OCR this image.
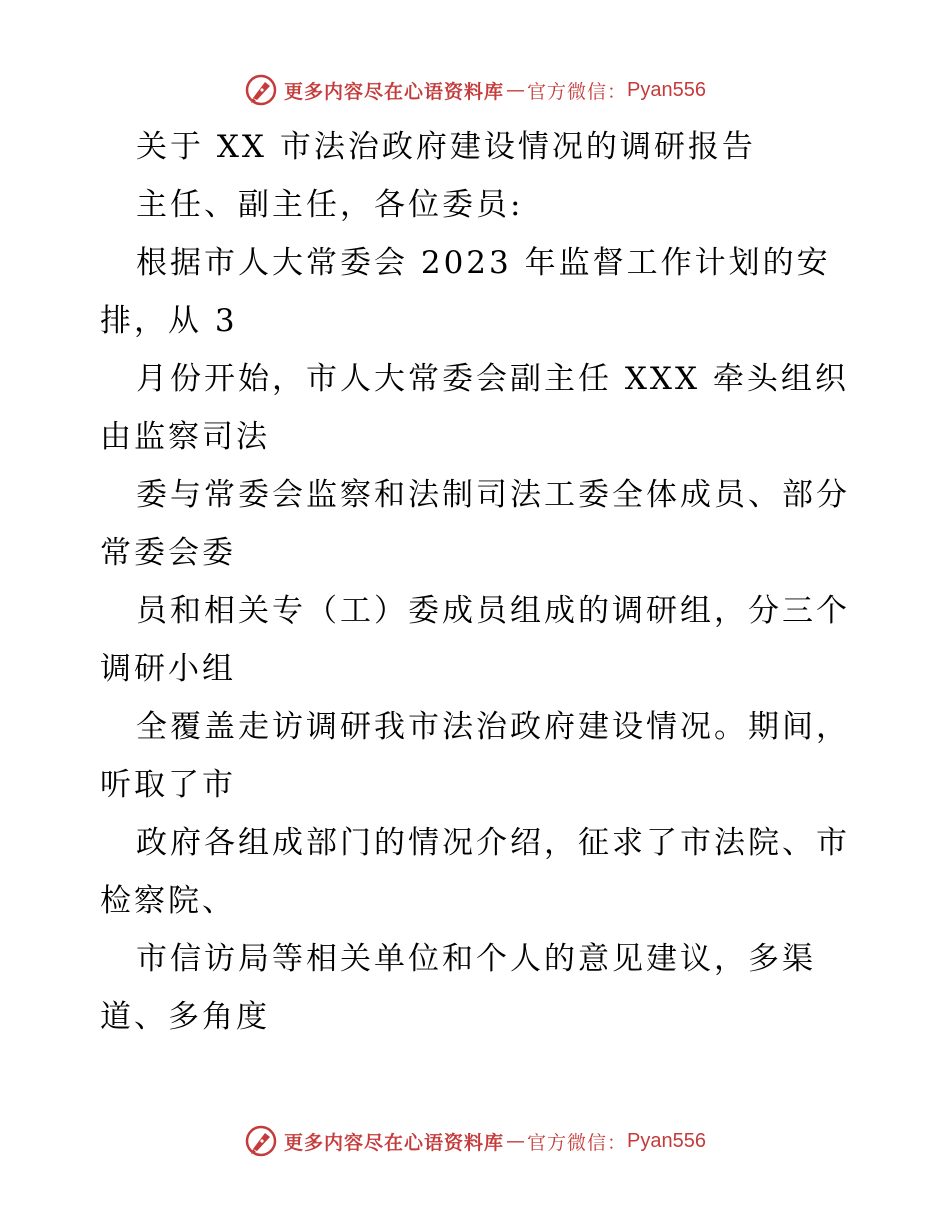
更多内容尽在心语资料库 — 官方微信： Pyan556
关于 XX 市法治政府建设情况的调研报告
主任、副主任，各位委员:
根据市人大常委会 2023 年监督工作计划的安
排，从 3
月份开始，市人大常委会副主任 XXX 牵头组织
由监察司法
委与常委会监察和法制司法工委全体成员、部分
常委会委
员和相关专（工）委成员组成的调研组，分三个
调研小组
全覆盖走访调研我市法治政府建设情况。期间，
听取了市
政府各组成部门的情况介绍，征求了市法院、市
检察院、
市信访局等相关单位和个人的意见建议，多渠
道、多角度
更多内容尽在心语资料库 — 官方微信： Pyan556
